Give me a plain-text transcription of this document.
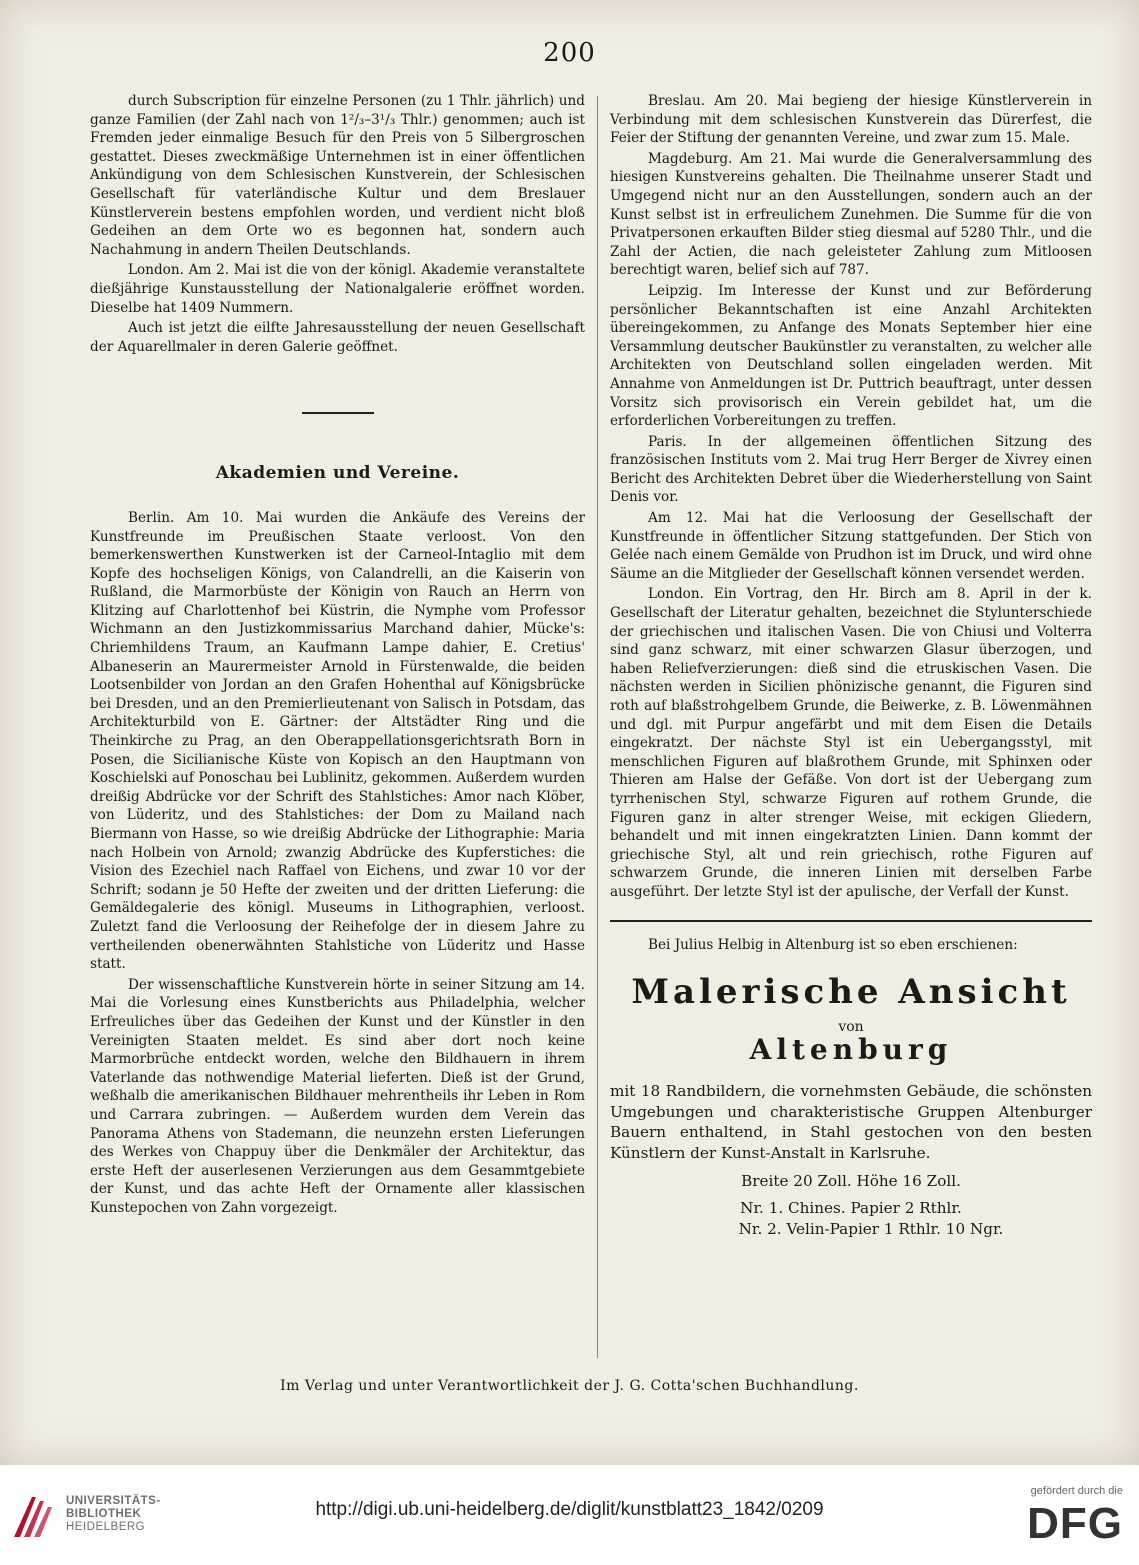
200

durch Subscription für einzelne Personen (zu 1 Thlr. jährlich) und ganze Familien (der Zahl nach von 1²/₃–3¹/₃ Thlr.) genommen; auch ist Fremden jeder einmalige Besuch für den Preis von 5 Silbergroschen gestattet. Dieses zweckmäßige Unternehmen ist in einer öffentlichen Ankündigung von dem Schlesischen Kunstverein, der Schlesischen Gesellschaft für vaterländische Kultur und dem Breslauer Künstlerverein bestens empfohlen worden, und verdient nicht bloß Gedeihen an dem Orte wo es begonnen hat, sondern auch Nachahmung in andern Theilen Deutschlands.

London. Am 2. Mai ist die von der königl. Akademie veranstaltete dießjährige Kunstausstellung der Nationalgalerie eröffnet worden. Dieselbe hat 1409 Nummern.

Auch ist jetzt die eilfte Jahresausstellung der neuen Gesellschaft der Aquarellmaler in deren Galerie geöffnet.

Akademien und Vereine.

Berlin. Am 10. Mai wurden die Ankäufe des Vereins der Kunstfreunde im Preußischen Staate verloost. Von den bemerkenswerthen Kunstwerken ist der Carneol-Intaglio mit dem Kopfe des hochseligen Königs, von Calandrelli, an die Kaiserin von Rußland, die Marmorbüste der Königin von Rauch an Herrn von Klitzing auf Charlottenhof bei Küstrin, die Nymphe vom Professor Wichmann an den Justizkommissarius Marchand dahier, Mücke's: Chriemhildens Traum, an Kaufmann Lampe dahier, E. Cretius' Albaneserin an Maurermeister Arnold in Fürstenwalde, die beiden Lootsenbilder von Jordan an den Grafen Hohenthal auf Königsbrücke bei Dresden, und an den Premierlieutenant von Salisch in Potsdam, das Architekturbild von E. Gärtner: der Altstädter Ring und die Theinkirche zu Prag, an den Oberappellationsgerichtsrath Born in Posen, die Sicilianische Küste von Kopisch an den Hauptmann von Koschielski auf Ponoschau bei Lublinitz, gekommen. Außerdem wurden dreißig Abdrücke vor der Schrift des Stahlstiches: Amor nach Klöber, von Lüderitz, und des Stahlstiches: der Dom zu Mailand nach Biermann von Hasse, so wie dreißig Abdrücke der Lithographie: Maria nach Holbein von Arnold; zwanzig Abdrücke des Kupferstiches: die Vision des Ezechiel nach Raffael von Eichens, und zwar 10 vor der Schrift; sodann je 50 Hefte der zweiten und der dritten Lieferung: die Gemäldegalerie des königl. Museums in Lithographien, verloost. Zuletzt fand die Verloosung der Reihefolge der in diesem Jahre zu vertheilenden obenerwähnten Stahlstiche von Lüderitz und Hasse statt.

Der wissenschaftliche Kunstverein hörte in seiner Sitzung am 14. Mai die Vorlesung eines Kunstberichts aus Philadelphia, welcher Erfreuliches über das Gedeihen der Kunst und der Künstler in den Vereinigten Staaten meldet. Es sind aber dort noch keine Marmorbrüche entdeckt worden, welche den Bildhauern in ihrem Vaterlande das nothwendige Material lieferten. Dieß ist der Grund, weßhalb die amerikanischen Bildhauer mehrentheils ihr Leben in Rom und Carrara zubringen. — Außerdem wurden dem Verein das Panorama Athens von Stademann, die neunzehn ersten Lieferungen des Werkes von Chappuy über die Denkmäler der Architektur, das erste Heft der auserlesenen Verzierungen aus dem Gesammtgebiete der Kunst, und das achte Heft der Ornamente aller klassischen Kunstepochen von Zahn vorgezeigt.

Breslau. Am 20. Mai begieng der hiesige Künstlerverein in Verbindung mit dem schlesischen Kunstverein das Dürerfest, die Feier der Stiftung der genannten Vereine, und zwar zum 15. Male.

Magdeburg. Am 21. Mai wurde die Generalversammlung des hiesigen Kunstvereins gehalten. Die Theilnahme unserer Stadt und Umgegend nicht nur an den Ausstellungen, sondern auch an der Kunst selbst ist in erfreulichem Zunehmen. Die Summe für die von Privatpersonen erkauften Bilder stieg diesmal auf 5280 Thlr., und die Zahl der Actien, die nach geleisteter Zahlung zum Mitloosen berechtigt waren, belief sich auf 787.

Leipzig. Im Interesse der Kunst und zur Beförderung persönlicher Bekanntschaften ist eine Anzahl Architekten übereingekommen, zu Anfange des Monats September hier eine Versammlung deutscher Baukünstler zu veranstalten, zu welcher alle Architekten von Deutschland sollen eingeladen werden. Mit Annahme von Anmeldungen ist Dr. Puttrich beauftragt, unter dessen Vorsitz sich provisorisch ein Verein gebildet hat, um die erforderlichen Vorbereitungen zu treffen.

Paris. In der allgemeinen öffentlichen Sitzung des französischen Instituts vom 2. Mai trug Herr Berger de Xivrey einen Bericht des Architekten Debret über die Wiederherstellung von Saint Denis vor.

Am 12. Mai hat die Verloosung der Gesellschaft der Kunstfreunde in öffentlicher Sitzung stattgefunden. Der Stich von Gelée nach einem Gemälde von Prudhon ist im Druck, und wird ohne Säume an die Mitglieder der Gesellschaft können versendet werden.

London. Ein Vortrag, den Hr. Birch am 8. April in der k. Gesellschaft der Literatur gehalten, bezeichnet die Stylunterschiede der griechischen und italischen Vasen. Die von Chiusi und Volterra sind ganz schwarz, mit einer schwarzen Glasur überzogen, und haben Reliefverzierungen: dieß sind die etruskischen Vasen. Die nächsten werden in Sicilien phönizische genannt, die Figuren sind roth auf blaßstrohgelbem Grunde, die Beiwerke, z. B. Löwenmähnen und dgl. mit Purpur angefärbt und mit dem Eisen die Details eingekratzt. Der nächste Styl ist ein Uebergangsstyl, mit menschlichen Figuren auf blaßrothem Grunde, mit Sphinxen oder Thieren am Halse der Gefäße. Von dort ist der Uebergang zum tyrrhenischen Styl, schwarze Figuren auf rothem Grunde, die Figuren ganz in alter strenger Weise, mit eckigen Gliedern, behandelt und mit innen eingekratzten Linien. Dann kommt der griechische Styl, alt und rein griechisch, rothe Figuren auf schwarzem Grunde, die inneren Linien mit derselben Farbe ausgeführt. Der letzte Styl ist der apulische, der Verfall der Kunst.

Bei Julius Helbig in Altenburg ist so eben erschienen:

Malerische Ansicht
von
Altenburg
mit 18 Randbildern, die vornehmsten Gebäude, die schönsten Umgebungen und charakteristische Gruppen Altenburger Bauern enthaltend, in Stahl gestochen von den besten Künstlern der Kunst-Anstalt in Karlsruhe.
Breite 20 Zoll. Höhe 16 Zoll.
Nr. 1. Chines. Papier 2 Rthlr.
Nr. 2. Velin-Papier 1 Rthlr. 10 Ngr.
Im Verlag und unter Verantwortlichkeit der J. G. Cotta'schen Buchhandlung.
UNIVERSITÄTS-
BIBLIOTHEK
HEIDELBERG
http://digi.ub.uni-heidelberg.de/diglit/kunstblatt23_1842/0209
gefördert durch die
DFG
